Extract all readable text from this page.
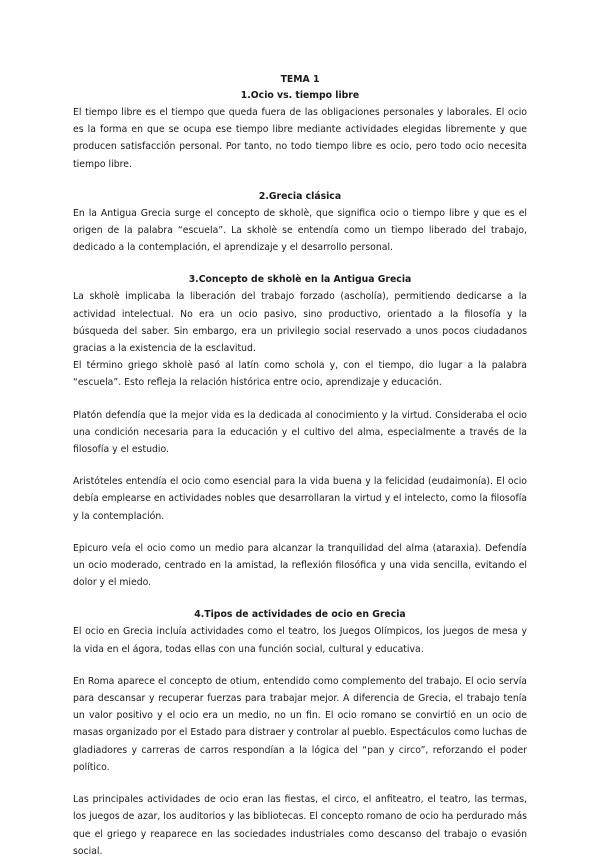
TEMA 1

1.Ocio vs. tiempo libre

El tiempo libre es el tiempo que queda fuera de las obligaciones personales y laborales. El ocio es la forma en que se ocupa ese tiempo libre mediante actividades elegidas libremente y que producen satisfacción personal. Por tanto, no todo tiempo libre es ocio, pero todo ocio necesita tiempo libre.

2.Grecia clásica

En la Antigua Grecia surge el concepto de skholè, que significa ocio o tiempo libre y que es el origen de la palabra “escuela”. La skholè se entendía como un tiempo liberado del trabajo, dedicado a la contemplación, el aprendizaje y el desarrollo personal.

3.Concepto de skholè en la Antigua Grecia

La skholè implicaba la liberación del trabajo forzado (ascholía), permitiendo dedicarse a la actividad intelectual. No era un ocio pasivo, sino productivo, orientado a la filosofía y la búsqueda del saber. Sin embargo, era un privilegio social reservado a unos pocos ciudadanos gracias a la existencia de la esclavitud.

El término griego skholè pasó al latín como schola y, con el tiempo, dio lugar a la palabra “escuela”. Esto refleja la relación histórica entre ocio, aprendizaje y educación.

Platón defendía que la mejor vida es la dedicada al conocimiento y la virtud. Consideraba el ocio una condición necesaria para la educación y el cultivo del alma, especialmente a través de la filosofía y el estudio.

Aristóteles entendía el ocio como esencial para la vida buena y la felicidad (eudaimonía). El ocio debía emplearse en actividades nobles que desarrollaran la virtud y el intelecto, como la filosofía y la contemplación.

Epicuro veía el ocio como un medio para alcanzar la tranquilidad del alma (ataraxia). Defendía un ocio moderado, centrado en la amistad, la reflexión filosófica y una vida sencilla, evitando el dolor y el miedo.

4.Tipos de actividades de ocio en Grecia

El ocio en Grecia incluía actividades como el teatro, los Juegos Olímpicos, los juegos de mesa y la vida en el ágora, todas ellas con una función social, cultural y educativa.

En Roma aparece el concepto de otium, entendido como complemento del trabajo. El ocio servía para descansar y recuperar fuerzas para trabajar mejor. A diferencia de Grecia, el trabajo tenía un valor positivo y el ocio era un medio, no un fin. El ocio romano se convirtió en un ocio de masas organizado por el Estado para distraer y controlar al pueblo. Espectáculos como luchas de gladiadores y carreras de carros respondían a la lógica del “pan y circo”, reforzando el poder político.

Las principales actividades de ocio eran las fiestas, el circo, el anfiteatro, el teatro, las termas, los juegos de azar, los auditorios y las bibliotecas. El concepto romano de ocio ha perdurado más que el griego y reaparece en las sociedades industriales como descanso del trabajo o evasión social.
